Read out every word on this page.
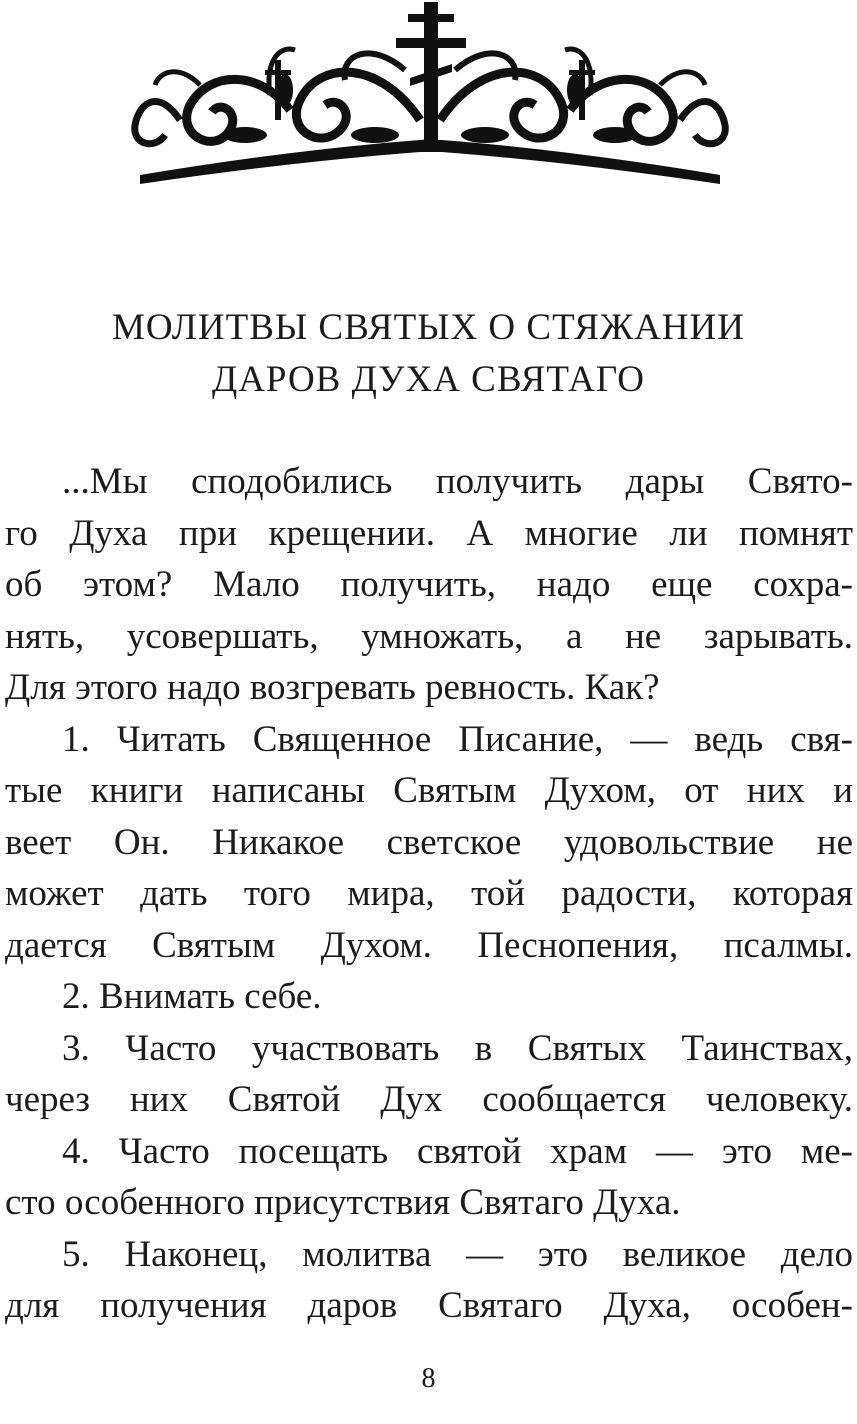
МОЛИТВЫ СВЯТЫХ О СТЯЖАНИИ
ДАРОВ ДУХА СВЯТАГО
...Мы сподобились получить дары Свято-
го Духа при крещении. А многие ли помнят
об этом? Мало получить, надо еще сохра-
нять, усовершать, умножать, а не зарывать.
Для этого надо возгревать ревность. Как?
1. Читать Священное Писание, — ведь свя-
тые книги написаны Святым Духом, от них и
веет Он. Никакое светское удовольствие не
может дать того мира, той радости, которая
дается Святым Духом. Песнопения, псалмы.
2. Внимать себе.
3. Часто участвовать в Святых Таинствах,
через них Святой Дух сообщается человеку.
4. Часто посещать святой храм — это ме-
сто особенного присутствия Святаго Духа.
5. Наконец, молитва — это великое дело
для получения даров Святаго Духа, особен-
8
